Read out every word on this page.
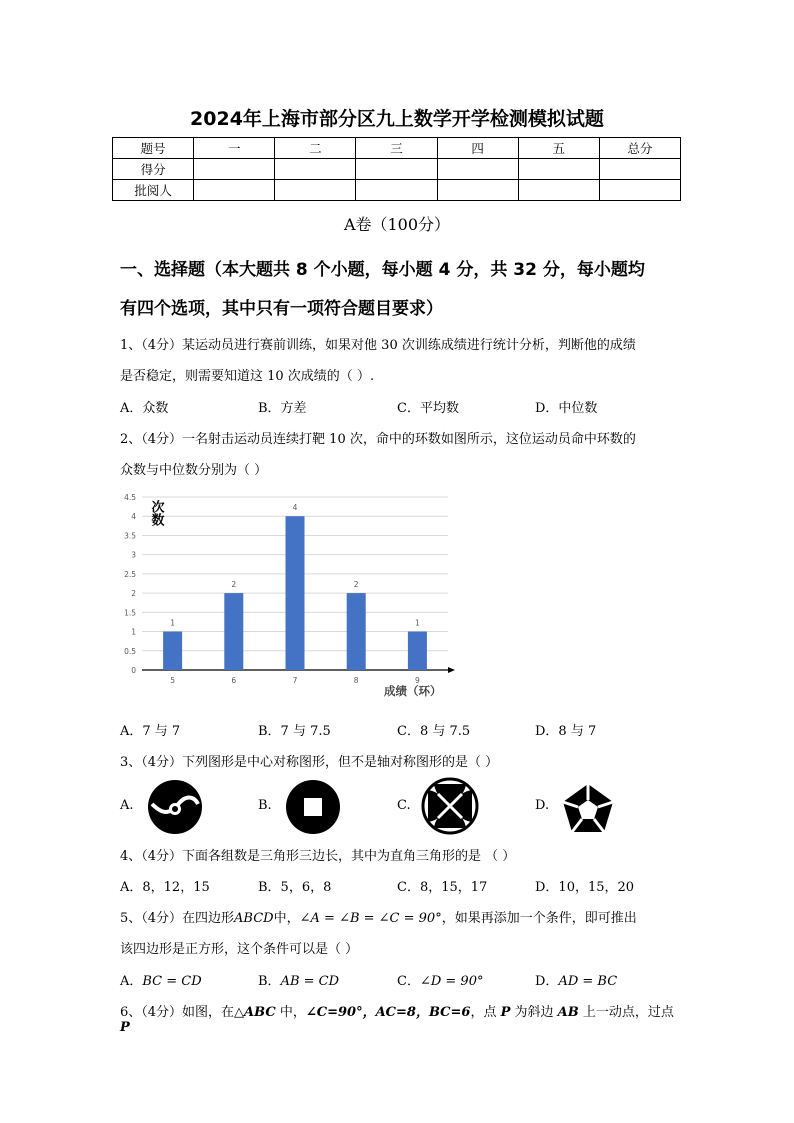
2024年上海市部分区九上数学开学检测模拟试题
题号	一	二	三	四	五	总分
得分						
批阅人						
A卷（100分）
一、选择题（本大题共 8 个小题，每小题 4 分，共 32 分，每小题均
有四个选项，其中只有一项符合题目要求）
1、（4分）某运动员进行赛前训练，如果对他 30 次训练成绩进行统计分析，判断他的成绩
是否稳定，则需要知道这 10 次成绩的（ ）.
A．众数	B．方差	C．平均数	D．中位数
2、（4分）一名射击运动员连续打靶 10 次，命中的环数如图所示，这位运动员命中环数的
众数与中位数分别为（ ）
0
0.5
1
1.5
2
2.5
3
3.5
4
4.5
1
2
4
2
1
5	6	7	8	9
次数
成绩（环）
A．7 与 7	B．7 与 7.5	C．8 与 7.5	D．8 与 7
3、（4分）下列图形是中心对称图形，但不是轴对称图形的是（ ）
A.	B.	C.	D.
4、（4分）下面各组数是三角形三边长，其中为直角三角形的是 （ ）
A．8，12，15	B．5，6，8	C．8，15，17	D．10，15，20
5、（4分）在四边形ABCD中，∠A = ∠B = ∠C = 90°，如果再添加一个条件，即可推出
该四边形是正方形，这个条件可以是（ ）
A．BC = CD	B．AB = CD	C．∠D = 90°	D．AD = BC
6、（4分）如图，在△ABC 中，∠C=90°，AC=8，BC=6，点 P 为斜边 AB 上一动点，过点 P
